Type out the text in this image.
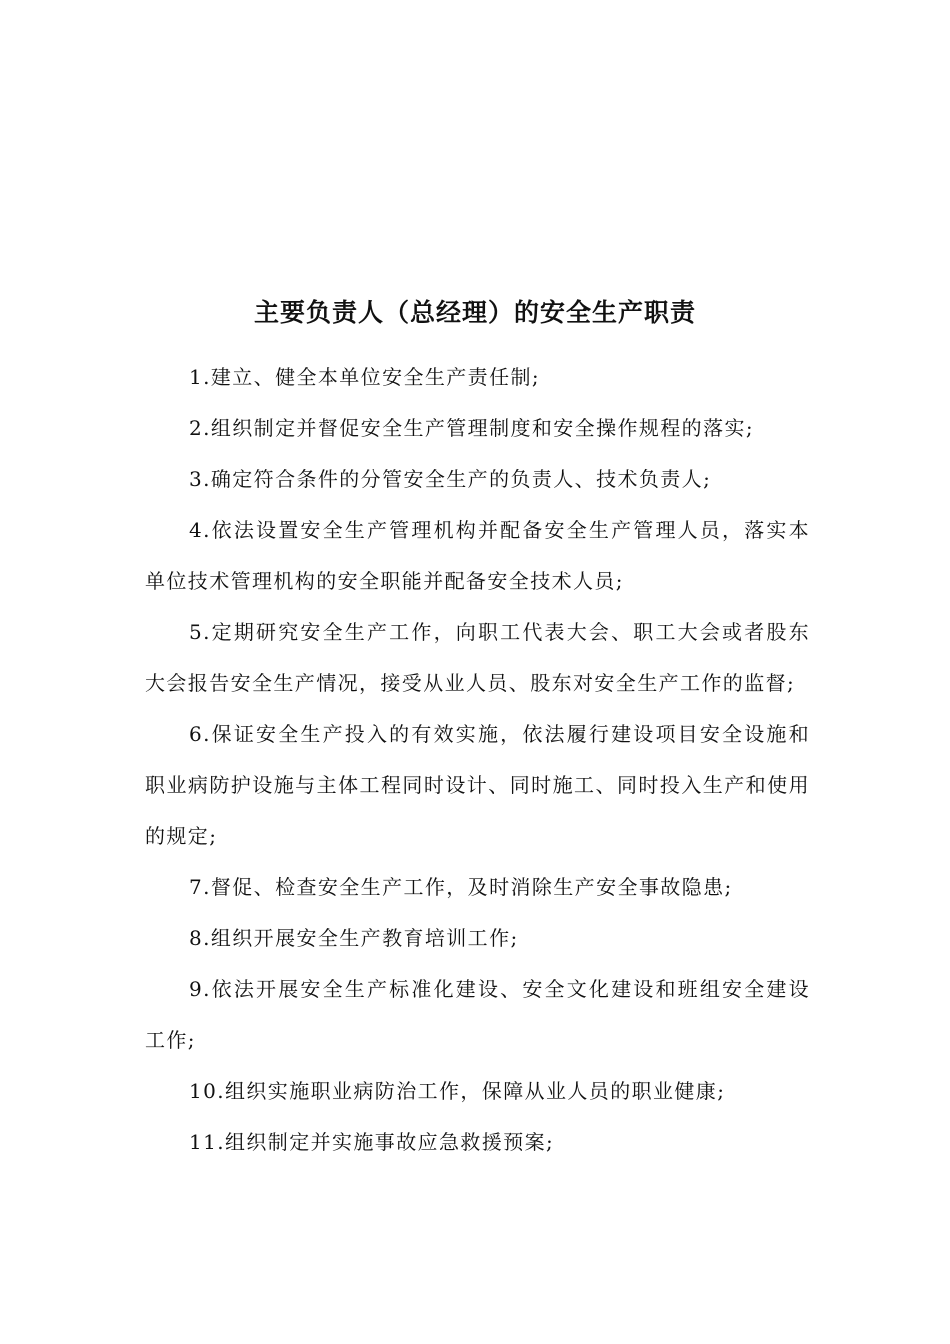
主要负责人（总经理）的安全生产职责

1.建立、健全本单位安全生产责任制;

2.组织制定并督促安全生产管理制度和安全操作规程的落实;

3.确定符合条件的分管安全生产的负责人、技术负责人;

4.依法设置安全生产管理机构并配备安全生产管理人员，落实本单位技术管理机构的安全职能并配备安全技术人员;

5.定期研究安全生产工作，向职工代表大会、职工大会或者股东大会报告安全生产情况，接受从业人员、股东对安全生产工作的监督;

6.保证安全生产投入的有效实施，依法履行建设项目安全设施和职业病防护设施与主体工程同时设计、同时施工、同时投入生产和使用的规定;

7.督促、检查安全生产工作，及时消除生产安全事故隐患;

8.组织开展安全生产教育培训工作;

9.依法开展安全生产标准化建设、安全文化建设和班组安全建设工作;

10.组织实施职业病防治工作，保障从业人员的职业健康;

11.组织制定并实施事故应急救援预案;
